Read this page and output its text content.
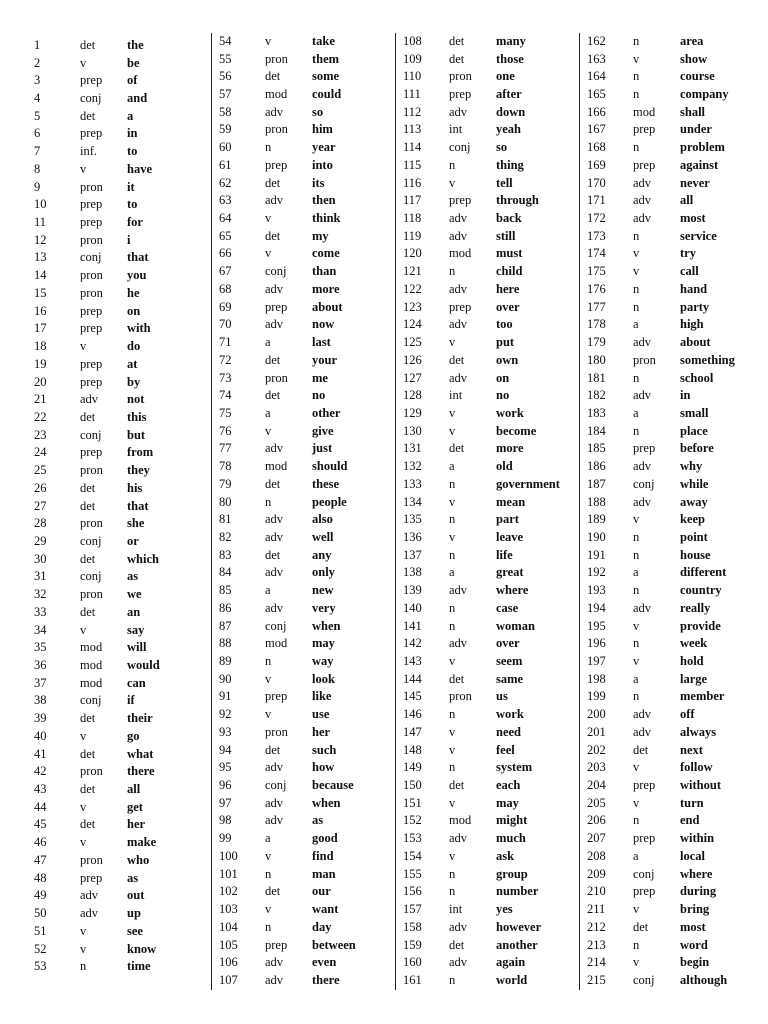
1	det	the
2	v	be
3	prep	of
4	conj	and
5	det	a
6	prep	in
7	inf.	to
8	v	have
9	pron	it
10	prep	to
11	prep	for
12	pron	i
13	conj	that
14	pron	you
15	pron	he
16	prep	on
17	prep	with
18	v	do
19	prep	at
20	prep	by
21	adv	not
22	det	this
23	conj	but
24	prep	from
25	pron	they
26	det	his
27	det	that
28	pron	she
29	conj	or
30	det	which
31	conj	as
32	pron	we
33	det	an
34	v	say
35	mod	will
36	mod	would
37	mod	can
38	conj	if
39	det	their
40	v	go
41	det	what
42	pron	there
43	det	all
44	v	get
45	det	her
46	v	make
47	pron	who
48	prep	as
49	adv	out
50	adv	up
51	v	see
52	v	know
53	n	time
54	v	take
55	pron	them
56	det	some
57	mod	could
58	adv	so
59	pron	him
60	n	year
61	prep	into
62	det	its
63	adv	then
64	v	think
65	det	my
66	v	come
67	conj	than
68	adv	more
69	prep	about
70	adv	now
71	a	last
72	det	your
73	pron	me
74	det	no
75	a	other
76	v	give
77	adv	just
78	mod	should
79	det	these
80	n	people
81	adv	also
82	adv	well
83	det	any
84	adv	only
85	a	new
86	adv	very
87	conj	when
88	mod	may
89	n	way
90	v	look
91	prep	like
92	v	use
93	pron	her
94	det	such
95	adv	how
96	conj	because
97	adv	when
98	adv	as
99	a	good
100	v	find
101	n	man
102	det	our
103	v	want
104	n	day
105	prep	between
106	adv	even
107	adv	there
108	det	many
109	det	those
110	pron	one
111	prep	after
112	adv	down
113	int	yeah
114	conj	so
115	n	thing
116	v	tell
117	prep	through
118	adv	back
119	adv	still
120	mod	must
121	n	child
122	adv	here
123	prep	over
124	adv	too
125	v	put
126	det	own
127	adv	on
128	int	no
129	v	work
130	v	become
131	det	more
132	a	old
133	n	government
134	v	mean
135	n	part
136	v	leave
137	n	life
138	a	great
139	adv	where
140	n	case
141	n	woman
142	adv	over
143	v	seem
144	det	same
145	pron	us
146	n	work
147	v	need
148	v	feel
149	n	system
150	det	each
151	v	may
152	mod	might
153	adv	much
154	v	ask
155	n	group
156	n	number
157	int	yes
158	adv	however
159	det	another
160	adv	again
161	n	world
162	n	area
163	v	show
164	n	course
165	n	company
166	mod	shall
167	prep	under
168	n	problem
169	prep	against
170	adv	never
171	adv	all
172	adv	most
173	n	service
174	v	try
175	v	call
176	n	hand
177	n	party
178	a	high
179	adv	about
180	pron	something
181	n	school
182	adv	in
183	a	small
184	n	place
185	prep	before
186	adv	why
187	conj	while
188	adv	away
189	v	keep
190	n	point
191	n	house
192	a	different
193	n	country
194	adv	really
195	v	provide
196	n	week
197	v	hold
198	a	large
199	n	member
200	adv	off
201	adv	always
202	det	next
203	v	follow
204	prep	without
205	v	turn
206	n	end
207	prep	within
208	a	local
209	conj	where
210	prep	during
211	v	bring
212	det	most
213	n	word
214	v	begin
215	conj	although
